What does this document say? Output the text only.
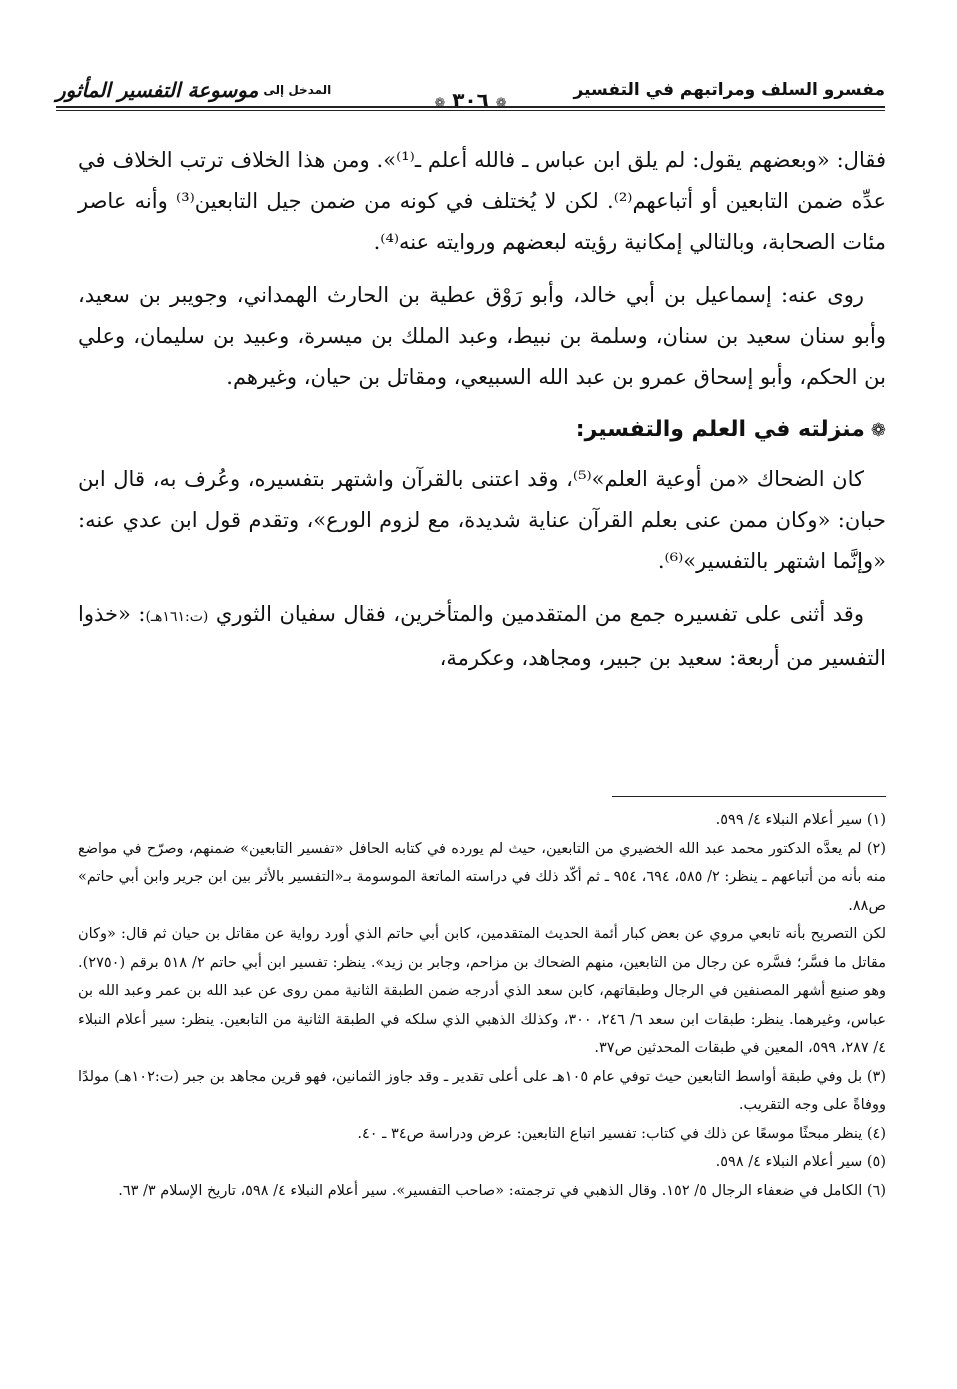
مفسرو السلف ومراتبهم في التفسير
❁ ٣٠٦ ❁
المدخل إلى موسوعة التفسير المأثور

فقال: «وبعضهم يقول: لم يلق ابن عباس ـ فالله أعلم ـ⁽¹⁾». ومن هذا الخلاف ترتب الخلاف في عدِّه ضمن التابعين أو أتباعهم⁽²⁾. لكن لا يُختلف في كونه من ضمن جيل التابعين⁽³⁾ وأنه عاصر مئات الصحابة، وبالتالي إمكانية رؤيته لبعضهم وروايته عنه⁽⁴⁾.

روى عنه: إسماعيل بن أبي خالد، وأبو رَوْق عطية بن الحارث الهمداني، وجويبر بن سعيد، وأبو سنان سعيد بن سنان، وسلمة بن نبيط، وعبد الملك بن ميسرة، وعبيد بن سليمان، وعلي بن الحكم، وأبو إسحاق عمرو بن عبد الله السبيعي، ومقاتل بن حيان، وغيرهم.

❁منزلته في العلم والتفسير:

كان الضحاك «من أوعية العلم»⁽⁵⁾، وقد اعتنى بالقرآن واشتهر بتفسيره، وعُرف به، قال ابن حبان: «وكان ممن عنى بعلم القرآن عناية شديدة، مع لزوم الورع»، وتقدم قول ابن عدي عنه: «وإنَّما اشتهر بالتفسير»⁽⁶⁾.

وقد أثنى على تفسيره جمع من المتقدمين والمتأخرين، فقال سفيان الثوري (ت:١٦١هـ): «خذوا التفسير من أربعة: سعيد بن جبير، ومجاهد، وعكرمة،

(١) سير أعلام النبلاء ٤/ ٥٩٩.

(٢) لم يعدَّه الدكتور محمد عبد الله الخضيري من التابعين، حيث لم يورده في كتابه الحافل «تفسير التابعين» ضمنهم، وصرّح في مواضع منه بأنه من أتباعهم ـ ينظر: ٢/ ٥٨٥، ٦٩٤، ٩٥٤ ـ ثم أكّد ذلك في دراسته الماتعة الموسومة بـ«التفسير بالأثر بين ابن جرير وابن أبي حاتم» ص٨٨.

لكن التصريح بأنه تابعي مروي عن بعض كبار أئمة الحديث المتقدمين، كابن أبي حاتم الذي أورد رواية عن مقاتل بن حيان ثم قال: «وكان مقاتل ما فسَّر؛ فسَّره عن رجال من التابعين، منهم الضحاك بن مزاحم، وجابر بن زيد». ينظر: تفسير ابن أبي حاتم ٢/ ٥١٨ برقم (٢٧٥٠). وهو صنيع أشهر المصنفين في الرجال وطبقاتهم، كابن سعد الذي أدرجه ضمن الطبقة الثانية ممن روى عن عبد الله بن عمر وعبد الله بن عباس، وغيرهما. ينظر: طبقات ابن سعد ٦/ ٢٤٦، ٣٠٠، وكذلك الذهبي الذي سلكه في الطبقة الثانية من التابعين. ينظر: سير أعلام النبلاء ٤/ ٢٨٧، ٥٩٩، المعين في طبقات المحدثين ص٣٧.

(٣) بل وفي طبقة أواسط التابعين حيث توفي عام ١٠٥هـ على أعلى تقدير ـ وقد جاوز الثمانين، فهو قرين مجاهد بن جبر (ت:١٠٢هـ) مولدًا ووفاةً على وجه التقريب.

(٤) ينظر مبحثًا موسعًا عن ذلك في كتاب: تفسير اتباع التابعين: عرض ودراسة ص٣٤ ـ ٤٠.

(٥) سير أعلام النبلاء ٤/ ٥٩٨.

(٦) الكامل في ضعفاء الرجال ٥/ ١٥٢. وقال الذهبي في ترجمته: «صاحب التفسير». سير أعلام النبلاء ٤/ ٥٩٨، تاريخ الإسلام ٣/ ٦٣.
